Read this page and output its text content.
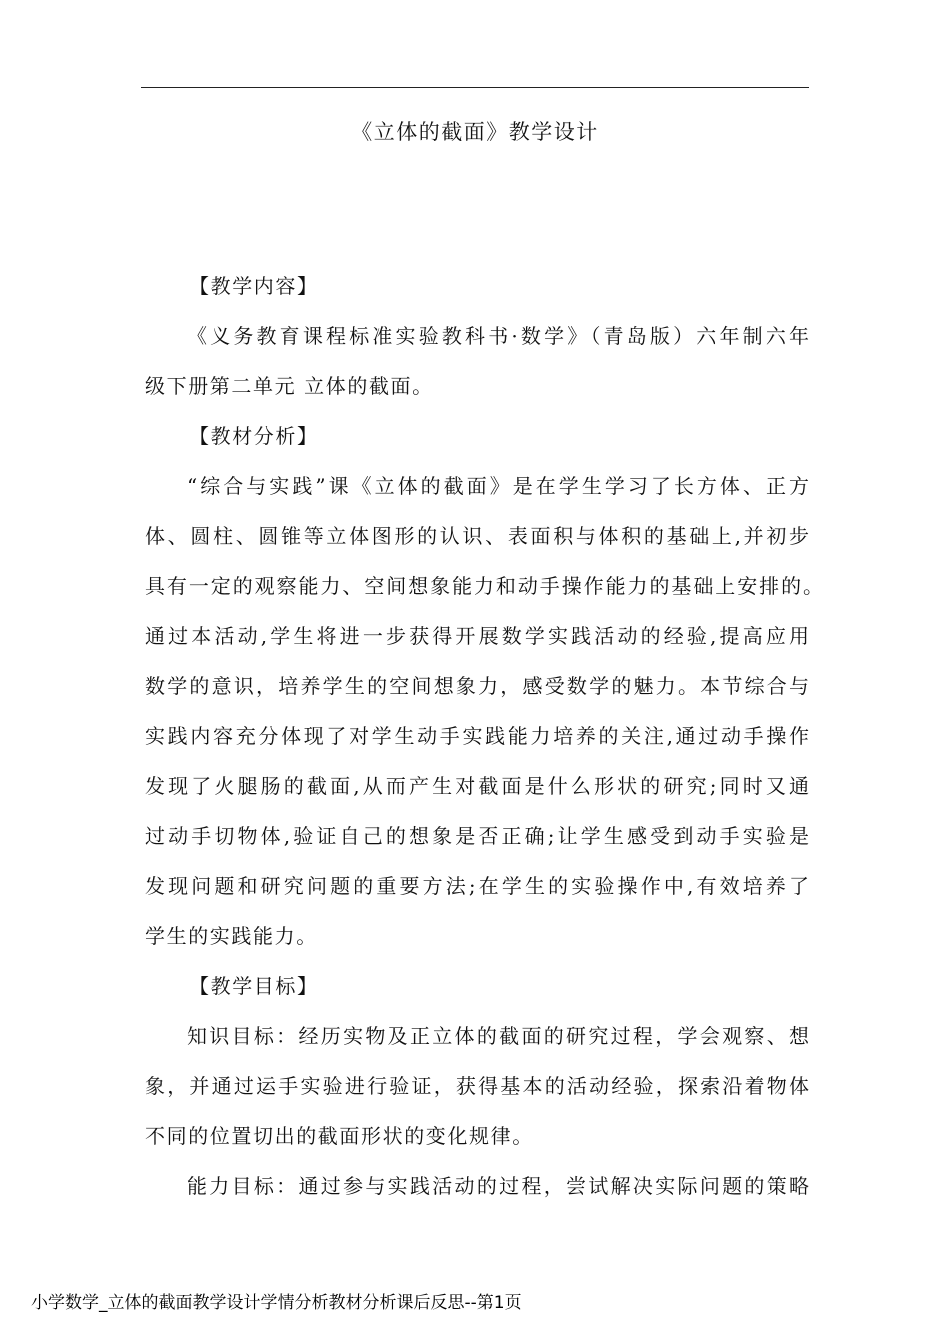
《立体的截面》教学设计
【教学内容】
《义务教育课程标准实验教科书·数学》（青岛版）六年制六年
级下册第二单元 立体的截面。
【教材分析】
“综合与实践”课《立体的截面》是在学生学习了长方体、正方
体、圆柱、圆锥等立体图形的认识、表面积与体积的基础上,并初步
具有一定的观察能力、空间想象能力和动手操作能力的基础上安排的。
通过本活动,学生将进一步获得开展数学实践活动的经验,提高应用
数学的意识，培养学生的空间想象力，感受数学的魅力。本节综合与
实践内容充分体现了对学生动手实践能力培养的关注,通过动手操作
发现了火腿肠的截面,从而产生对截面是什么形状的研究;同时又通
过动手切物体,验证自己的想象是否正确;让学生感受到动手实验是
发现问题和研究问题的重要方法;在学生的实验操作中,有效培养了
学生的实践能力。
【教学目标】
知识目标：经历实物及正立体的截面的研究过程，学会观察、想
象，并通过运手实验进行验证，获得基本的活动经验，探索沿着物体
不同的位置切出的截面形状的变化规律。
能力目标：通过参与实践活动的过程，尝试解决实际问题的策略
小学数学_立体的截面教学设计学情分析教材分析课后反思--第1页
